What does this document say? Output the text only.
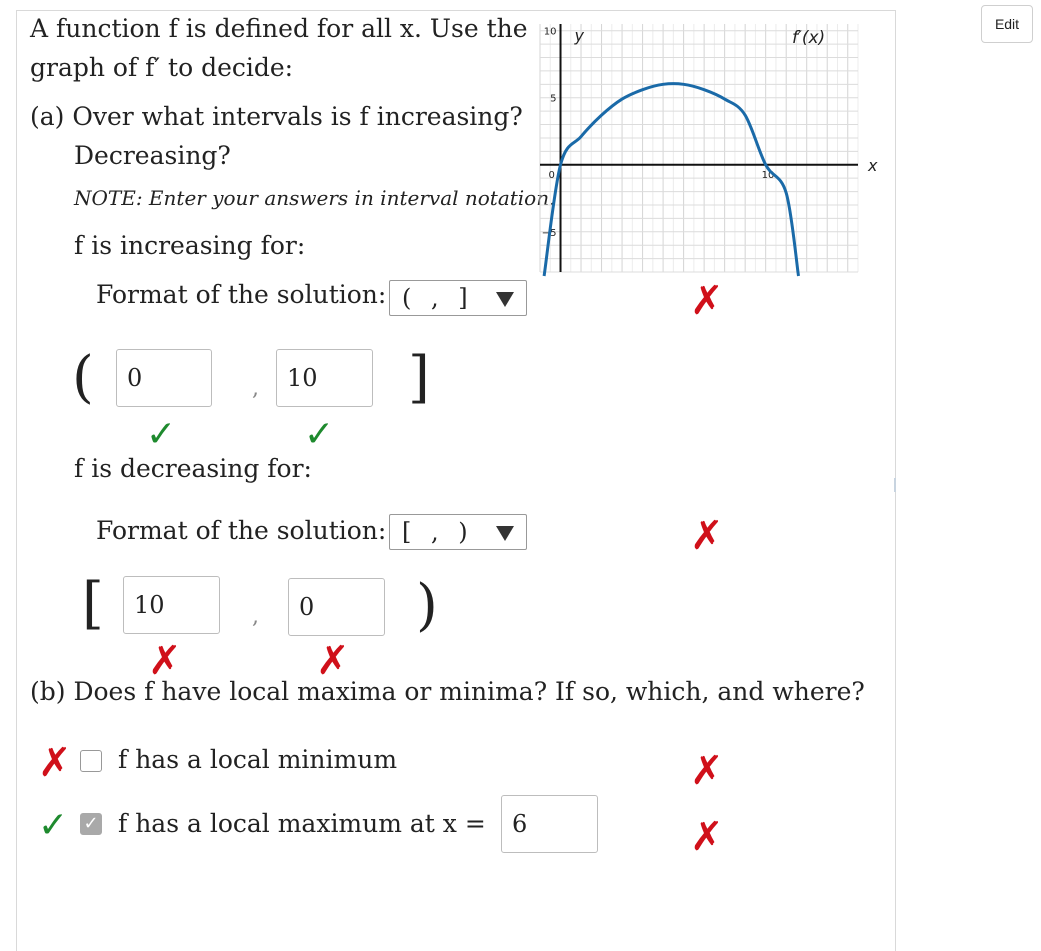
Edit
A function f is defined for all x. Use the
graph of f′ to decide:
(a) Over what intervals is f increasing?
Decreasing?
NOTE: Enter your answers in interval notation.
10
5
−5
10
0
y
x
f′(x)
f is increasing for:
Format of the solution: ( , ]	✗
(	0	,	10	]
✓	✓
f is decreasing for:
Format of the solution: [ , )	✗
[	10	,	0	)
✗	✗
(b) Does f have local maxima or minima? If so, which, and where?
✗ f has a local minimum	✗
✓ ✓ f has a local maximum at x =	6	✗
